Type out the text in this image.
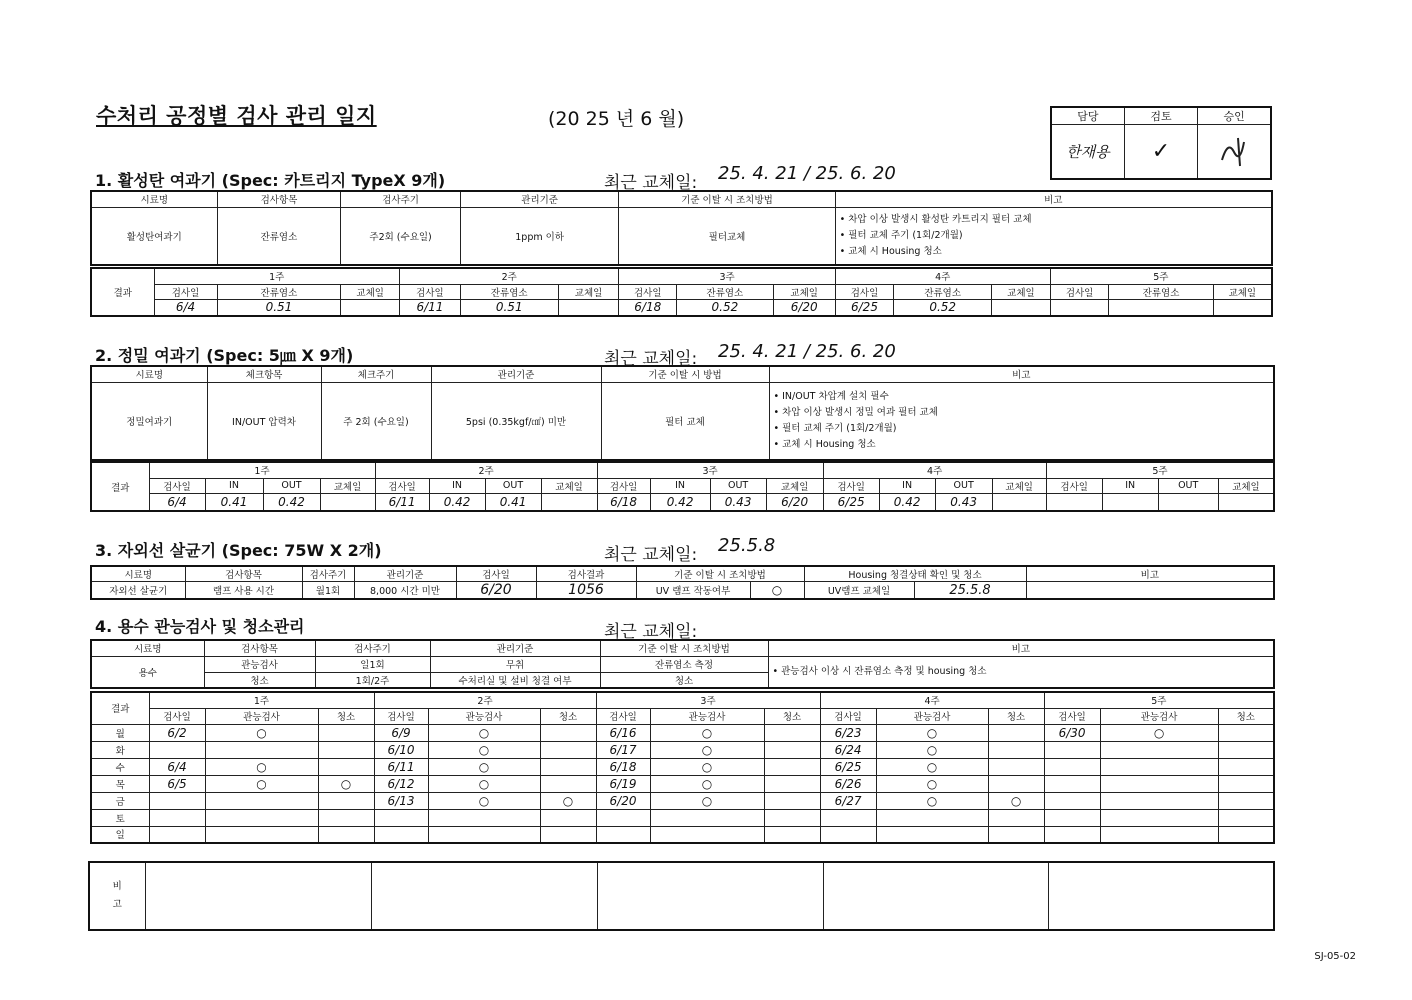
수처리 공정별 검사 관리 일지	(20 25 년 6 월)	담당	검토	승인
한재용	✓	
1. 활성탄 여과기 (Spec: 카트리지 TypeX 9개)	최근 교체일: 25. 4. 21 / 25. 6. 20
시료명	검사항목	검사주기	관리기준	기준 이탈 시 조치방법	비고
활성탄여과기	잔류염소	주2회 (수요일)	1ppm 이하	필터교체	• 차압 이상 발생시 활성탄 카트리지 필터 교체
• 필터 교체 주기 (1회/2개월)
• 교체 시 Housing 청소
결과	1주			2주			3주			4주			5주		
	검사일	잔류염소	교체일	검사일	잔류염소	교체일	검사일	잔류염소	교체일	검사일	잔류염소	교체일	검사일	잔류염소	교체일
	6/4	0.51		6/11	0.51		6/18	0.52	6/20	6/25	0.52				
2. 정밀 여과기 (Spec: 5㎛ X 9개)	최근 교체일: 25. 4. 21 / 25. 6. 20
시료명	체크항목	체크주기	관리기준	기준 이탈 시 방법	비고
정밀여과기	IN/OUT 압력차	주 2회 (수요일)	5psi (0.35kgf/㎠) 미만	필터 교체	• IN/OUT 차압계 설치 필수
• 차압 이상 발생시 정밀 여과 필터 교체
• 필터 교체 주기 (1회/2개월)
• 교체 시 Housing 청소
결과	1주				2주				3주				4주				5주			
	검사일	IN	OUT	교체일	검사일	IN	OUT	교체일	검사일	IN	OUT	교체일	검사일	IN	OUT	교체일	검사일	IN	OUT	교체일
	6/4	0.41	0.42		6/11	0.42	0.41		6/18	0.42	0.43	6/20	6/25	0.42	0.43					
3. 자외선 살균기 (Spec: 75W X 2개)	최근 교체일: 25.5.8
시료명	검사항목	검사주기	관리기준	검사일	검사결과	기준 이탈 시 조치방법		Housing 청결상태 확인 및 청소		비고
자외선 살균기	램프 사용 시간	월1회	8,000 시간 미만	6/20	1056	UV 램프 작동여부	○	UV램프 교체일	25.5.8	
4. 용수 관능검사 및 청소관리	최근 교체일:
시료명	검사항목	검사주기	관리기준	기준 이탈 시 조치방법	비고
용수	관능검사	일1회	무취	잔류염소 측정	• 관능검사 이상 시 잔류염소 측정 및 housing 청소
	청소	1회/2주	수처리실 및 설비 청결 여부	청소	
결과	1주			2주			3주			4주			5주		
	검사일	관능검사	청소	검사일	관능검사	청소	검사일	관능검사	청소	검사일	관능검사	청소	검사일	관능검사	청소
월	6/2	○		6/9	○		6/16	○		6/23	○		6/30	○	
화				6/10	○		6/17	○		6/24	○				
수	6/4	○		6/11	○		6/18	○		6/25	○				
목	6/5	○	○	6/12	○		6/19	○		6/26	○				
금				6/13	○	○	6/20	○		6/27	○	○			
토															
일															
비
고					
SJ-05-02
